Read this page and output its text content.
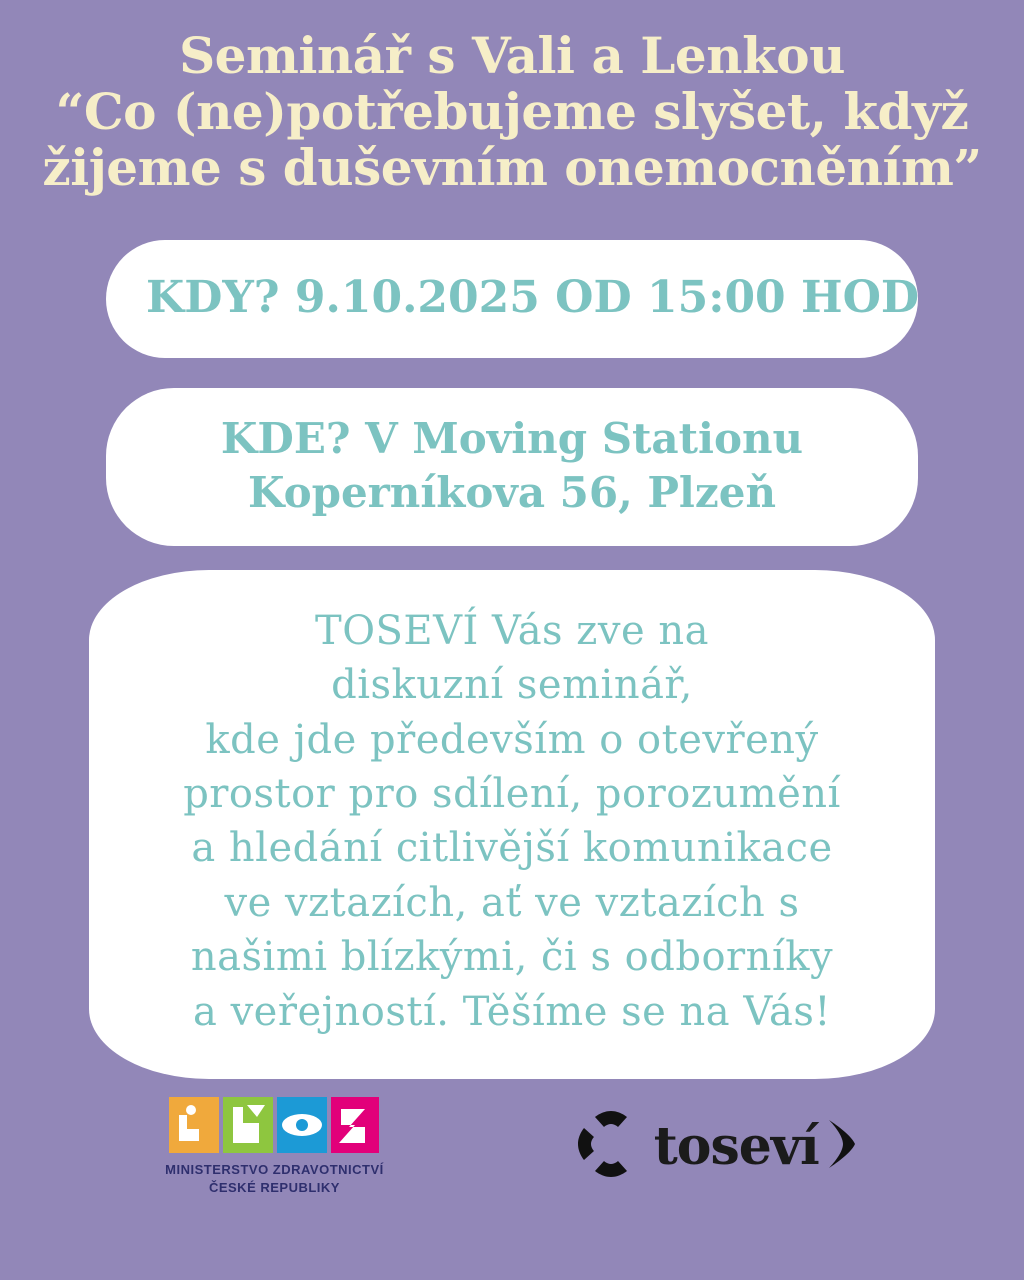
Seminář s Vali a Lenkou
“Co (ne)potřebujeme slyšet, když
žijeme s duševním onemocněním”
KDY? 9.10.2025 OD 15:00 HOD
KDE? V Moving Stationu
Koperníkova 56, Plzeň
TOSEVÍ Vás zve na
diskuzní seminář,
kde jde především o otevřený
prostor pro sdílení, porozumění
a hledání citlivější komunikace
ve vztazích, ať ve vztazích s
našimi blízkými, či s odborníky
a veřejností. Těšíme se na Vás!
MINISTERSTVO ZDRAVOTNICTVÍ
ČESKÉ REPUBLIKY
toseví
